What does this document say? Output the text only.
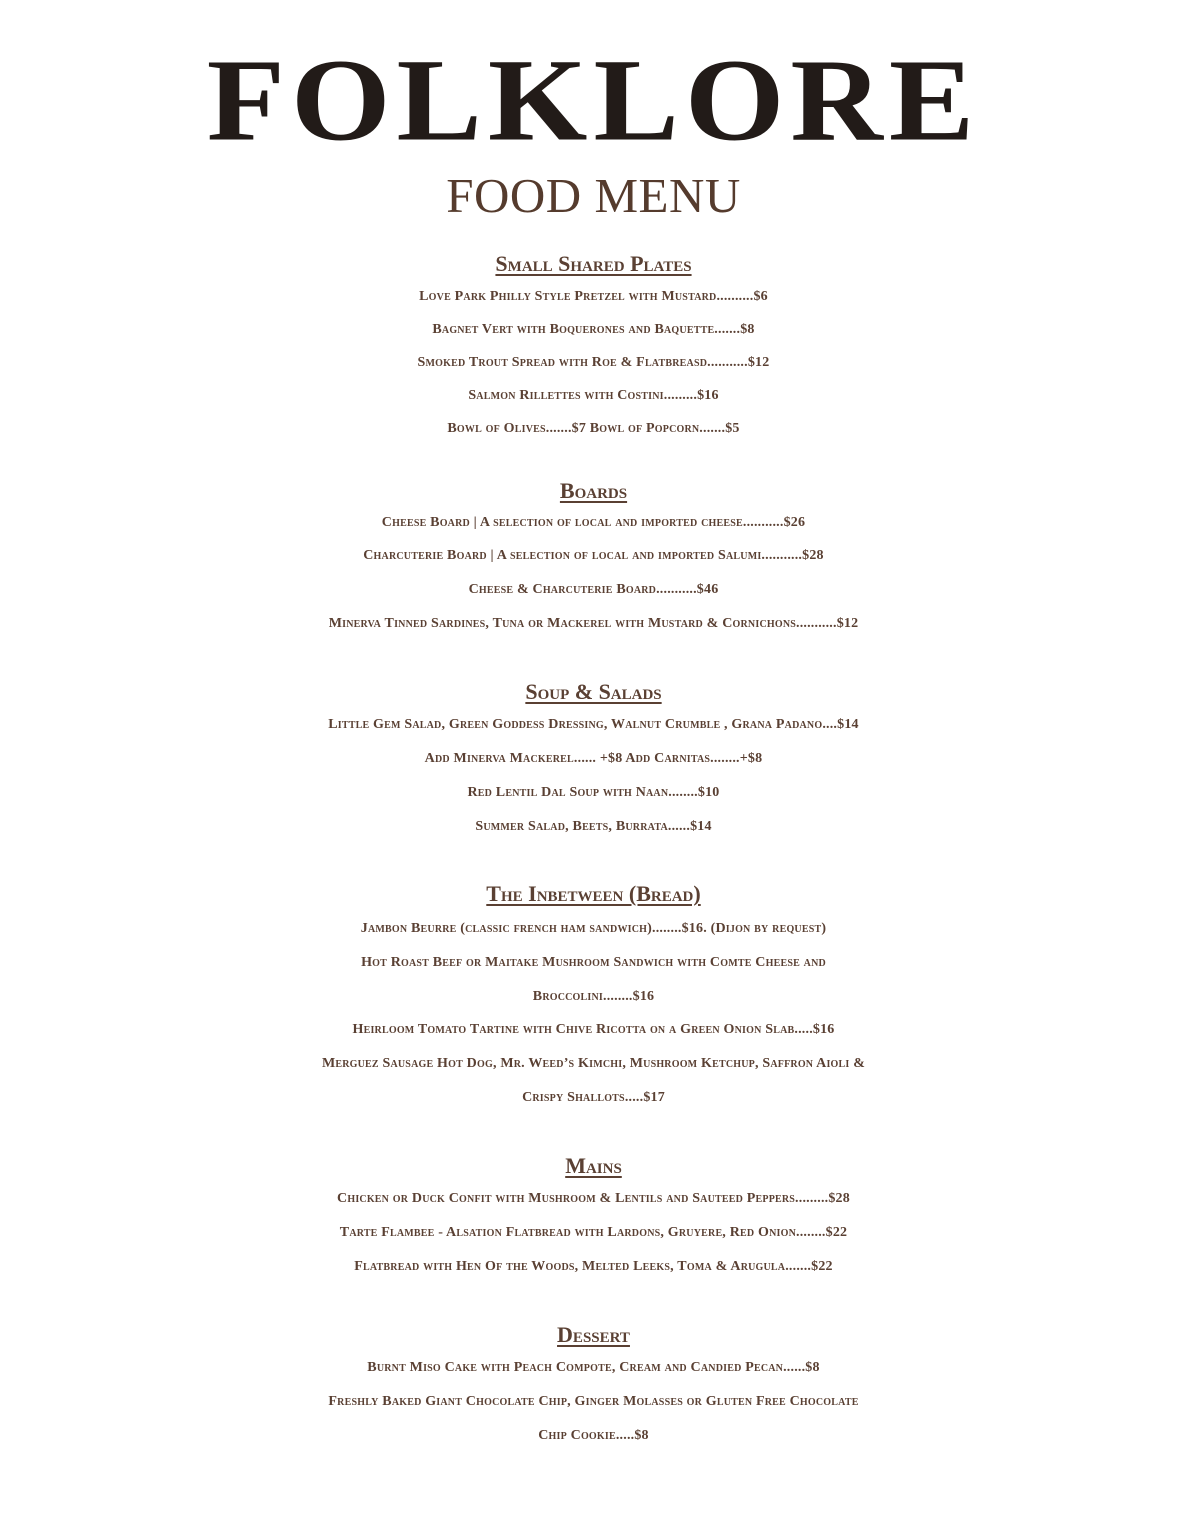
FOLKLORE
FOOD MENU
Small Shared Plates
Love Park Philly Style Pretzel with Mustard..........$6
Bagnet Vert with Boquerones and Baquette.......$8
Smoked Trout Spread with Roe & Flatbreasd...........$12
Salmon Rillettes with Costini.........$16
Bowl of Olives.......$7 Bowl of Popcorn.......$5
Boards
Cheese Board | A selection of local and imported cheese...........$26
Charcuterie Board | A selection of local and imported Salumi...........$28
Cheese & Charcuterie Board...........$46
Minerva Tinned Sardines, Tuna or Mackerel with Mustard & Cornichons...........$12
Soup & Salads
Little Gem Salad, Green Goddess Dressing, Walnut Crumble , Grana Padano....$14
Add Minerva Mackerel...... +$8 Add Carnitas........+$8
Red Lentil Dal Soup with Naan........$10
Summer Salad, Beets, Burrata......$14
The Inbetween (Bread)
Jambon Beurre (classic french ham sandwich)........$16. (Dijon by request)
Hot Roast Beef or Maitake Mushroom Sandwich with Comte Cheese and
Broccolini........$16
Heirloom Tomato Tartine with Chive Ricotta on a Green Onion Slab.....$16
Merguez Sausage Hot Dog, Mr. Weed’s Kimchi, Mushroom Ketchup, Saffron Aioli &
Crispy Shallots.....$17
Mains
Chicken or Duck Confit with Mushroom & Lentils and Sauteed Peppers.........$28
Tarte Flambee - Alsation Flatbread with Lardons, Gruyere, Red Onion........$22
Flatbread with Hen Of the Woods, Melted Leeks, Toma & Arugula.......$22
Dessert
Burnt Miso Cake with Peach Compote, Cream and Candied Pecan......$8
Freshly Baked Giant Chocolate Chip, Ginger Molasses or Gluten Free Chocolate
Chip Cookie.....$8
